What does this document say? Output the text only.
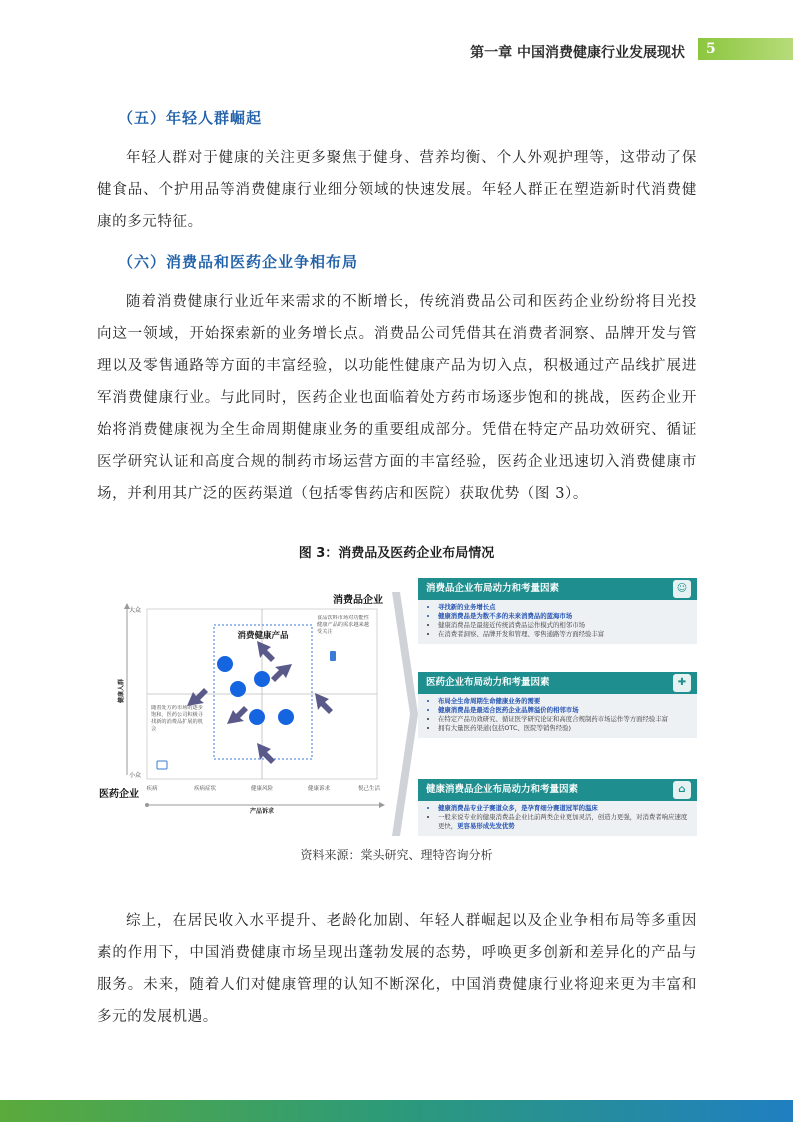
第一章 中国消费健康行业发展现状	5
（五）年轻人群崛起

年轻人群对于健康的关注更多聚焦于健身、营养均衡、个人外观护理等，这带动了保健食品、个护用品等消费健康行业细分领域的快速发展。年轻人群正在塑造新时代消费健康的多元特征。

（六）消费品和医药企业争相布局

随着消费健康行业近年来需求的不断增长，传统消费品公司和医药企业纷纷将目光投向这一领域，开始探索新的业务增长点。消费品公司凭借其在消费者洞察、品牌开发与管理以及零售通路等方面的丰富经验，以功能性健康产品为切入点，积极通过产品线扩展进军消费健康行业。与此同时，医药企业也面临着处方药市场逐步饱和的挑战，医药企业开始将消费健康视为全生命周期健康业务的重要组成部分。凭借在特定产品功效研究、循证医学研究认证和高度合规的制药市场运营方面的丰富经验，医药企业迅速切入消费健康市场，并利用其广泛的医药渠道（包括零售药店和医院）获取优势（图 3）。

图 3：消费品及医药企业布局情况
消费健康产品
大众
小众
健康人群
消费品企业
医药企业
产品诉求
疾病	疾病症状	健康风险	健康诉求	悦己生活
食品饮料市场对功能性健康产品的需求越来越受关注
随着处方药市场的逐步饱和，医药公司积极寻找新的消费品扩展的机会
消费品企业布局动力和考量因素	☺
• 寻找新的业务增长点
• 健康消费品是为数不多的未来消费品的蓝海市场
• 健康消费品是最接近传统消费品运作模式的相邻市场
• 在消费者洞察、品牌开发和管理、零售通路等方面经验丰富
医药企业布局动力和考量因素	✚
• 布局全生命周期生命健康业务的需要
• 健康消费品是最适合医药企业品牌溢价的相邻市场
• 在特定产品功效研究、循证医学研究论证和高度合规制药市场运作等方面经验丰富
• 拥有大量医药渠道(包括OTC、医院等销售经验)
健康消费品企业布局动力和考量因素	⌂
• 健康消费品专业子赛道众多，是孕育细分赛道冠军的温床
• 一般来说专业的健康消费品企业比前两类企业更加灵活，创造力更强，对消费者响应速度更快，更容易形成先发优势
资料来源：棠头研究、理特咨询分析

综上，在居民收入水平提升、老龄化加剧、年轻人群崛起以及企业争相布局等多重因素的作用下，中国消费健康市场呈现出蓬勃发展的态势，呼唤更多创新和差异化的产品与服务。未来，随着人们对健康管理的认知不断深化，中国消费健康行业将迎来更为丰富和多元的发展机遇。
